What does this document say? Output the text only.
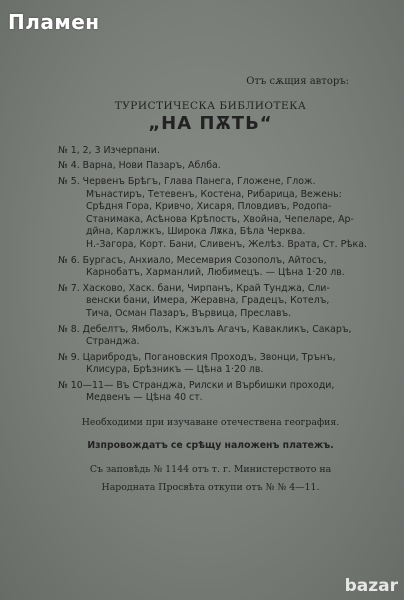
Пламен
bazar
Отъ сѫщия авторъ:
ТУРИСТИЧЕСКА БИБЛИОТЕКА
„НА ПѪТЬ“
№ 1, 2, 3 Изчерпани.
№ 4. Варна, Нови Пазаръ, Аблба.
№ 5. Червенъ Брѣгъ, Глава Панега, Гложене, Глож.
Мънастиръ, Тетевенъ, Костена, Рибарица, Вежень:
Срѣдня Гора, Кривчо, Хисаря, Пловдивъ, Родопа-
Станимака, Асѣнова Крѣпость, Хвойна, Чепеларе, Ар-
дйна, Карлжкъ, Широка Лѫка, Бѣла Черква.
Н.-Загора, Корт. Бани, Сливенъ, Желѣз. Врата, Ст. Рѣка.
№ 6. Бургасъ, Анхиало, Месемврия Созополъ, Айтосъ,
Карнобатъ, Харманлий, Любимецъ. — Цѣна 1·20 лв.
№ 7. Хасково, Хаск. бани, Чирпанъ, Край Тунджа, Сли-
венски бани, Имера, Жеравна, Градецъ, Котелъ,
Тича, Осман Пазаръ, Вървица, Преславъ.
№ 8. Дебелтъ, Ямболъ, Кжзълъ Агачъ, Кавакликъ, Сакаръ,
Странджа.
№ 9. Царибродъ, Погановския Проходъ, Звонци, Трънъ,
Клисура, Брѣзникъ — Цѣна 1·20 лв.
№ 10—11— Въ Странджа, Рилски и Върбишки проходи,
Медвенъ — Цѣна 40 ст.
Необходими при изучаване отечествена география.
Изпровождатъ се срѣщу наложенъ платежъ.
Съ заповѣдь № 1144 отъ т. г. Министерството на
Народната Просвѣта откупи отъ № № 4—11.
